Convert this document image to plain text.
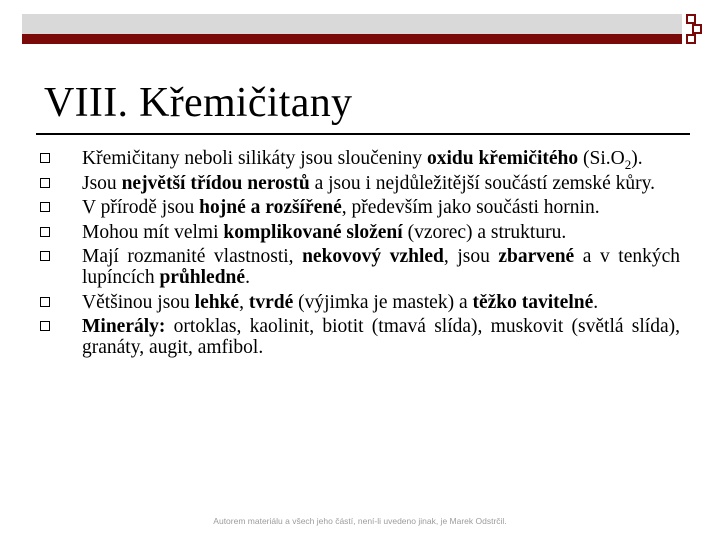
VIII. Křemičitany
Křemičitany neboli silikáty jsou sloučeniny oxidu křemičitého $(Si.O_2)$.
Jsou největší třídou nerostů a jsou i nejdůležitější součástí zemské kůry.
V přírodě jsou hojné a rozšířené, především jako součásti hornin.
Mohou mít velmi komplikované složení (vzorec) a strukturu.
Mají rozmanité vlastnosti, nekovový vzhled, jsou zbarvené a v tenkých lupíncích průhledné.
Většinou jsou lehké, tvrdé (výjimka je mastek) a těžko tavitelné.
Minerály: ortoklas, kaolinit, biotit (tmavá slída), muskovit (světlá slída), granáty, augit, amfibol.
Autorem materiálu a všech jeho částí, není-li uvedeno jinak, je Marek Odstrčil.
